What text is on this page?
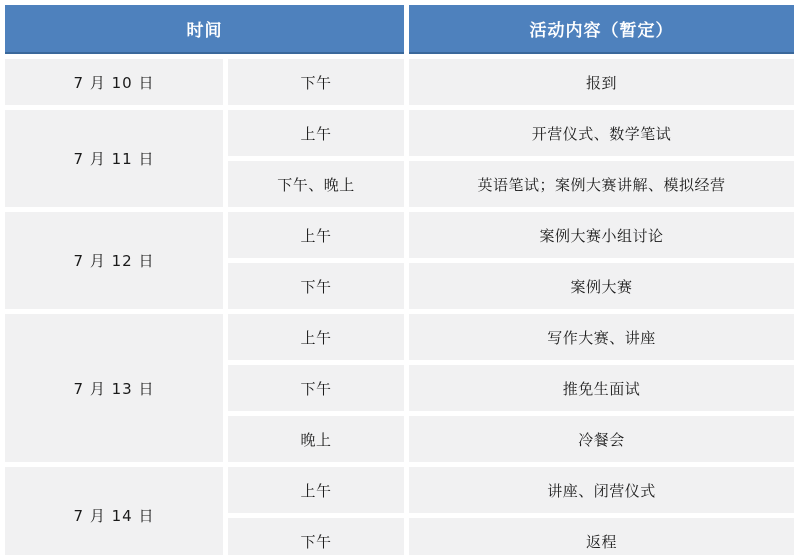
时间		活动内容（暂定）
7 月 10 日	下午	报到
7 月 11 日	上午	开营仪式、数学笔试
	下午、晚上	英语笔试；案例大赛讲解、模拟经营
7 月 12 日	上午	案例大赛小组讨论
	下午	案例大赛
7 月 13 日	上午	写作大赛、讲座
	下午	推免生面试
	晚上	冷餐会
7 月 14 日	上午	讲座、闭营仪式
	下午	返程
